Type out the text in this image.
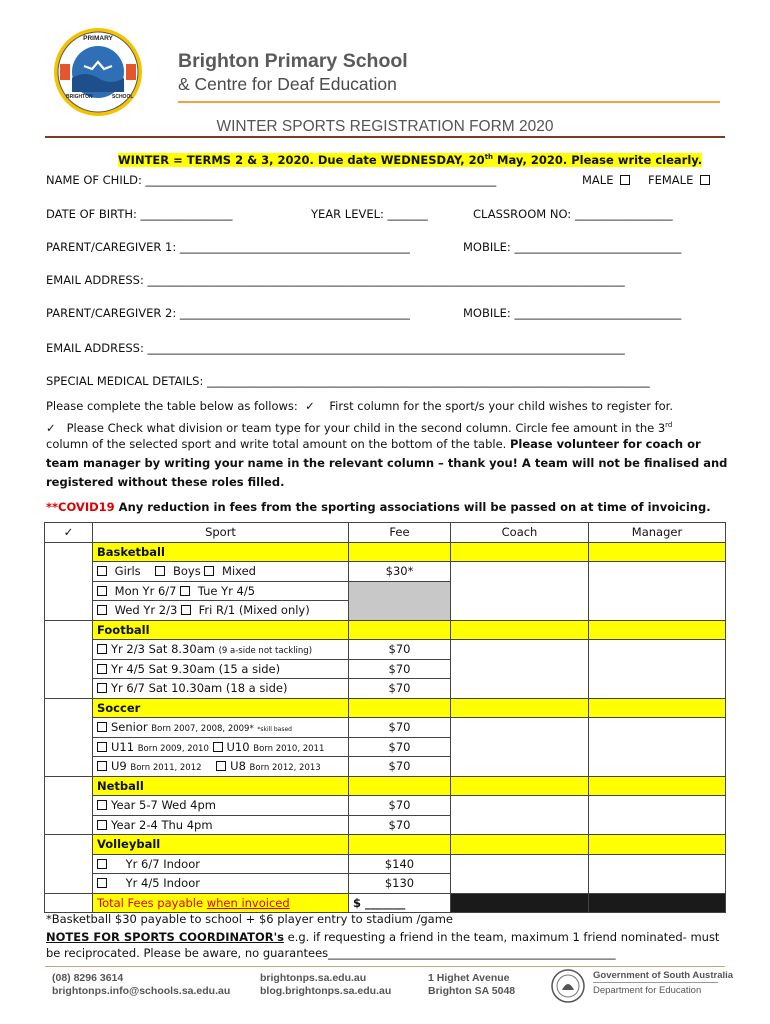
PRIMARY
BRIGHTON	SCHOOL
Brighton Primary School
& Centre for Deaf Education
WINTER SPORTS REGISTRATION FORM 2020
WINTER = TERMS 2 & 3, 2020. Due date WEDNESDAY, 20th May, 2020. Please write clearly.
NAME OF CHILD: _____________________________________________________________	MALE	FEMALE
DATE OF BIRTH: ________________	YEAR LEVEL: _______	CLASSROOM NO: _________________
PARENT/CAREGIVER 1: ________________________________________	MOBILE: _____________________________
EMAIL ADDRESS: ___________________________________________________________________________________
PARENT/CAREGIVER 2: ________________________________________	MOBILE: _____________________________
EMAIL ADDRESS: ___________________________________________________________________________________
SPECIAL MEDICAL DETAILS: _____________________________________________________________________________
Please complete the table below as follows: ✓ First column for the sport/s your child wishes to register for.
✓ Please Check what division or team type for your child in the second column. Circle fee amount in the 3rd
column of the selected sport and write total amount on the bottom of the table. Please volunteer for coach or
team manager by writing your name in the relevant column – thank you! A team will not be finalised and
registered without these roles filled.
**COVID19 Any reduction in fees from the sporting associations will be passed on at time of invoicing.
✓	Sport	Fee	Coach	Manager
	Basketball			
	Girls Boys Mixed	$30*		
	Mon Yr 6/7 Tue Yr 4/5			
	Wed Yr 2/3 Fri R/1 (Mixed only)			
	Football			
	Yr 2/3 Sat 8.30am (9 a-side not tackling)	$70		
	Yr 4/5 Sat 9.30am (15 a side)	$70		
	Yr 6/7 Sat 10.30am (18 a side)	$70		
	Soccer			
	Senior Born 2007, 2008, 2009* *skill based	$70		
	U11 Born 2009, 2010 U10 Born 2010, 2011	$70		
	U9 Born 2011, 2012 U8 Born 2012, 2013	$70		
	Netball			
	Year 5-7 Wed 4pm	$70		
	Year 2-4 Thu 4pm	$70		
	Volleyball			
	Yr 6/7 Indoor	$140		
	Yr 4/5 Indoor	$130		
	Total Fees payable when invoiced	$ _______		
*Basketball $30 payable to school + $6 player entry to stadium /game
NOTES FOR SPORTS COORDINATOR's e.g. if requesting a friend in the team, maximum 1 friend nominated- must
be reciprocated. Please be aware, no guarantees__________________________________________________
(08) 8296 3614
brightonps.info@schools.sa.edu.au
brightonps.sa.edu.au
blog.brightonps.sa.edu.au
1 Highet Avenue
Brighton SA 5048
Government of South Australia
Department for Education
